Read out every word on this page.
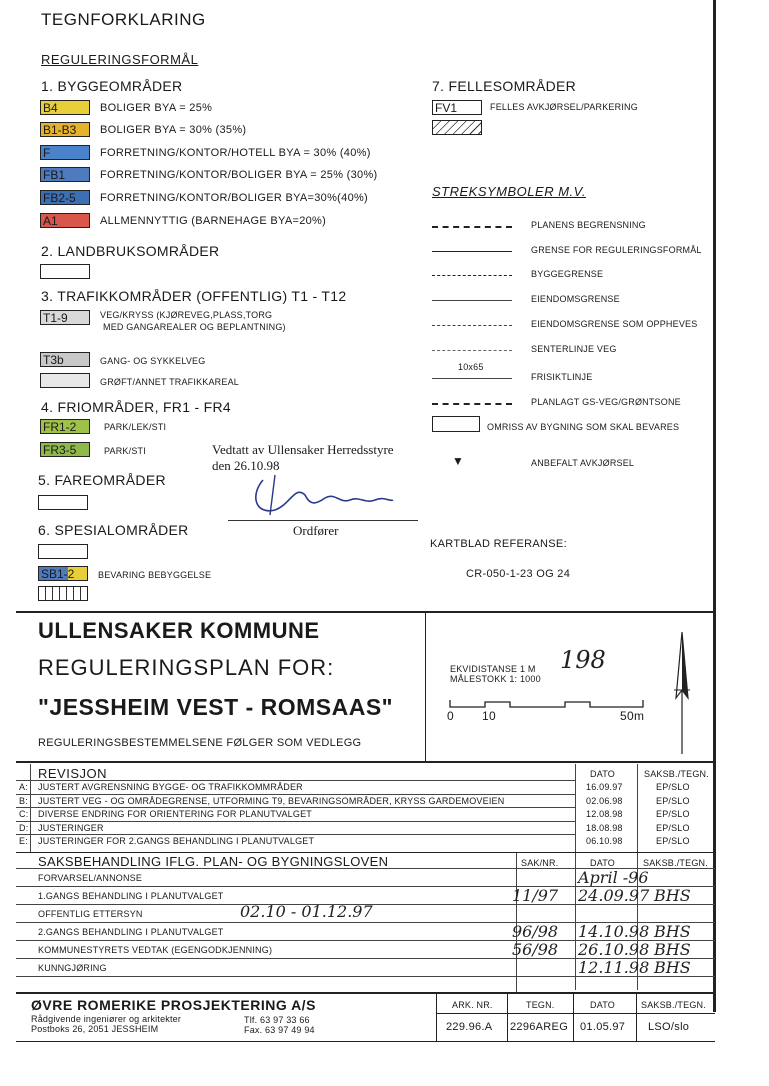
TEGNFORKLARING
REGULERINGSFORMÅL
1. BYGGEOMRÅDER
B4	BOLIGER BYA = 25%
B1-B3	BOLIGER BYA = 30% (35%)
F	FORRETNING/KONTOR/HOTELL BYA = 30% (40%)
FB1	FORRETNING/KONTOR/BOLIGER BYA = 25% (30%)
FB2-5	FORRETNING/KONTOR/BOLIGER BYA=30%(40%)
A1	ALLMENNYTTIG (BARNEHAGE BYA=20%)
2. LANDBRUKSOMRÅDER
3. TRAFIKKOMRÅDER (OFFENTLIG) T1 - T12
T1-9	VEG/KRYSS (KJØREVEG,PLASS,TORG
MED GANGAREALER OG BEPLANTNING)
T3b	GANG- OG SYKKELVEG
GRØFT/ANNET TRAFIKKAREAL
4. FRIOMRÅDER, FR1 - FR4
FR1-2	PARK/LEK/STI
FR3-5	PARK/STI
5. FAREOMRÅDER
6. SPESIALOMRÅDER
SB1-2	BEVARING BEBYGGELSE
Vedtatt av Ullensaker Herredsstyre
den 26.10.98
Ordfører
7. FELLESOMRÅDER
FV1	FELLES AVKJØRSEL/PARKERING
STREKSYMBOLER M.V.
PLANENS BEGRENSNING
GRENSE FOR REGULERINGSFORMÅL
BYGGEGRENSE
EIENDOMSGRENSE
EIENDOMSGRENSE SOM OPPHEVES
SENTERLINJE VEG
FRISIKTLINJE
PLANLAGT GS-VEG/GRØNTSONE
OMRISS AV BYGNING SOM SKAL BEVARES
▼	ANBEFALT AVKJØRSEL
10x65
KARTBLAD REFERANSE:
CR-050-1-23 OG 24
ULLENSAKER KOMMUNE
REGULERINGSPLAN FOR:
"JESSHEIM VEST - ROMSAAS"
REGULERINGSBESTEMMELSENE FØLGER SOM VEDLEGG
EKVIDISTANSE 1 M
MÅLESTOKK 1: 1000
198
0 10	50m
REVISJON	DATO	SAKSB./TEGN.
A: JUSTERT AVGRENSNING BYGGE- OG TRAFIKKOMMRÅDER	16.09.97	EP/SLO
B: JUSTERT VEG - OG OMRÅDEGRENSE, UTFORMING T9, BEVARINGSOMRÅDER, KRYSS GARDEMOVEIEN	02.06.98	EP/SLO
C: DIVERSE ENDRING FOR ORIENTERING FOR PLANUTVALGET	12.08.98	EP/SLO
D: JUSTERINGER	18.08.98	EP/SLO
E: JUSTERINGER FOR 2.GANGS BEHANDLING I PLANUTVALGET	06.10.98	EP/SLO
SAKSBEHANDLING IFLG. PLAN- OG BYGNINGSLOVEN	SAK/NR.	DATO	SAKSB./TEGN.
FORVARSEL/ANNONSE	April -96
1.GANGS BEHANDLING I PLANUTVALGET	11/97 24.09.97 BHS
OFFENTLIG ETTERSYN	02.10 - 01.12.97
2.GANGS BEHANDLING I PLANUTVALGET	96/98 14.10.98 BHS
KOMMUNESTYRETS VEDTAK (EGENGODKJENNING)	56/98 26.10.98 BHS
KUNNGJØRING	12.11.98 BHS
ØVRE ROMERIKE PROSJEKTERING A/S
Rådgivende ingeniører og arkitekter
Postboks 26, 2051 JESSHEIM
Tlf. 63 97 33 66
Fax. 63 97 49 94
ARK. NR.	TEGN.	DATO	SAKSB./TEGN.
229.96.A 2296AREG 01.05.97 LSO/slo
